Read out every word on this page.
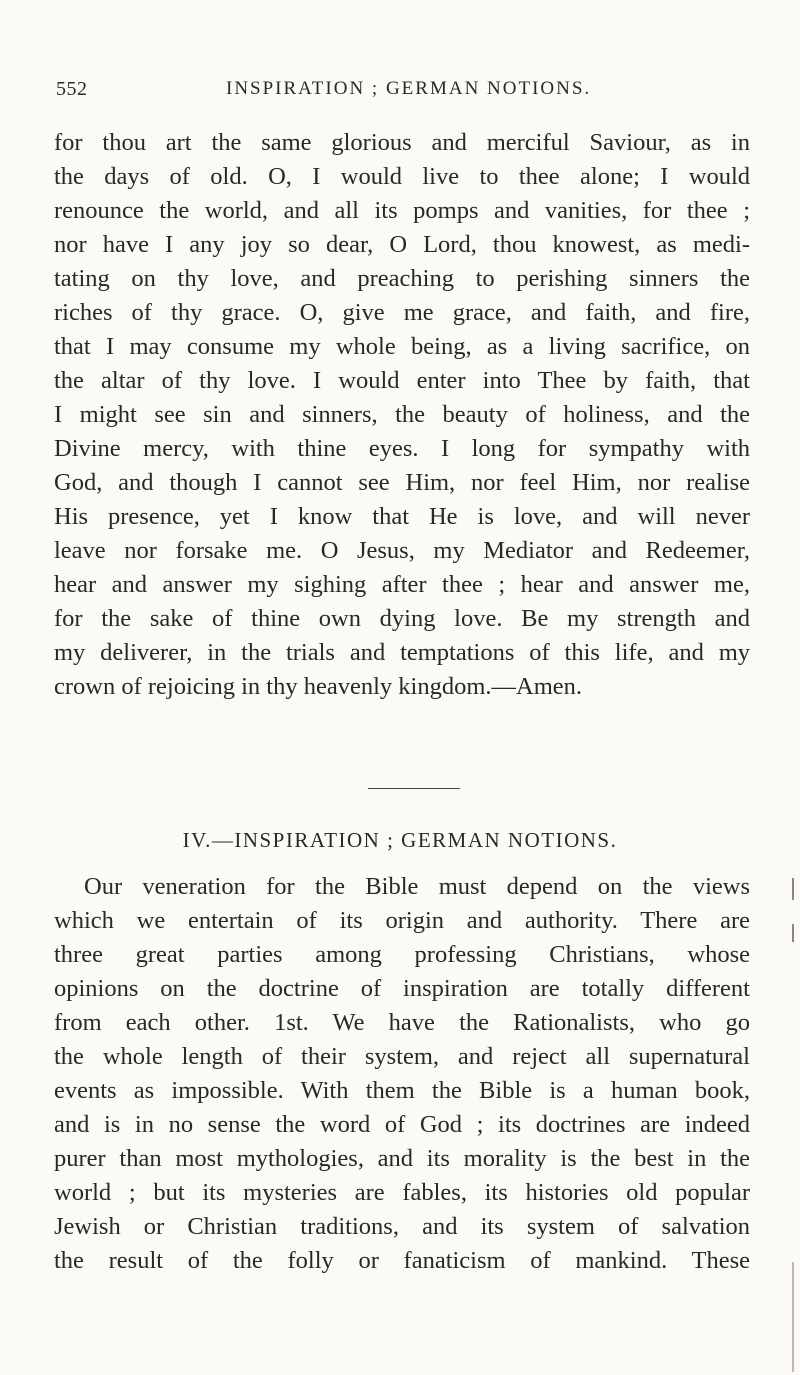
552	INSPIRATION ; GERMAN NOTIONS.
for thou art the same glorious and merciful Saviour, as in
the days of old. O, I would live to thee alone; I would
renounce the world, and all its pomps and vanities, for thee ;
nor have I any joy so dear, O Lord, thou knowest, as medi-
tating on thy love, and preaching to perishing sinners the
riches of thy grace. O, give me grace, and faith, and fire,
that I may consume my whole being, as a living sacrifice, on
the altar of thy love. I would enter into Thee by faith, that
I might see sin and sinners, the beauty of holiness, and the
Divine mercy, with thine eyes. I long for sympathy with
God, and though I cannot see Him, nor feel Him, nor realise
His presence, yet I know that He is love, and will never
leave nor forsake me. O Jesus, my Mediator and Redeemer,
hear and answer my sighing after thee ; hear and answer me,
for the sake of thine own dying love. Be my strength and
my deliverer, in the trials and temptations of this life, and my
crown of rejoicing in thy heavenly kingdom.—Amen.
IV.—INSPIRATION ; GERMAN NOTIONS.
Our veneration for the Bible must depend on the views
which we entertain of its origin and authority. There are
three great parties among professing Christians, whose
opinions on the doctrine of inspiration are totally different
from each other. 1st. We have the Rationalists, who go
the whole length of their system, and reject all supernatural
events as impossible. With them the Bible is a human book,
and is in no sense the word of God ; its doctrines are indeed
purer than most mythologies, and its morality is the best in the
world ; but its mysteries are fables, its histories old popular
Jewish or Christian traditions, and its system of salvation
the result of the folly or fanaticism of mankind. These
